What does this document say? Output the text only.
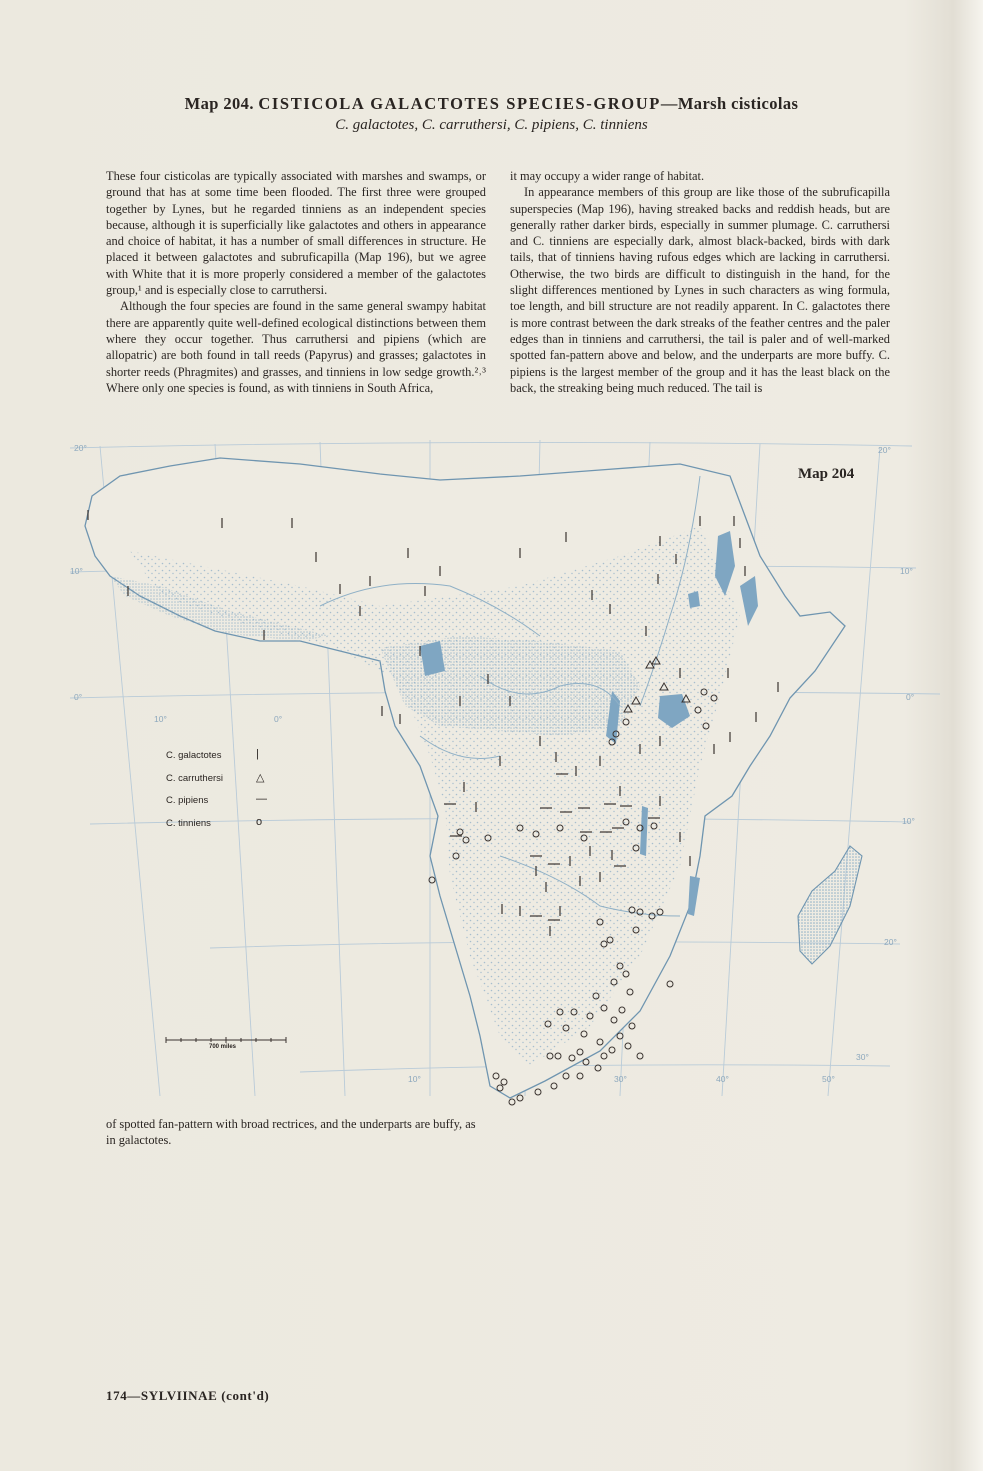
Map 204. CISTICOLA GALACTOTES SPECIES-GROUP—Marsh cisticolas
C. galactotes, C. carruthersi, C. pipiens, C. tinniens

These four cisticolas are typically associated with marshes and swamps, or ground that has at some time been flooded. The first three were grouped together by Lynes, but he regarded tinniens as an independent species because, although it is superficially like galactotes and others in appearance and choice of habitat, it has a number of small differences in structure. He placed it between galactotes and subruficapilla (Map 196), but we agree with White that it is more properly considered a member of the galactotes group,¹ and is especially close to carruthersi.

Although the four species are found in the same general swampy habitat there are apparently quite well-defined ecological distinctions between them where they occur together. Thus carruthersi and pipiens (which are allopatric) are both found in tall reeds (Papyrus) and grasses; galactotes in shorter reeds (Phragmites) and grasses, and tinniens in low sedge growth.²˒³ Where only one species is found, as with tinniens in South Africa,

it may occupy a wider range of habitat.

In appearance members of this group are like those of the subruficapilla superspecies (Map 196), having streaked backs and reddish heads, but are generally rather darker birds, especially in summer plumage. C. carruthersi and C. tinniens are especially dark, almost black-backed, birds with dark tails, that of tinniens having rufous edges which are lacking in carruthersi. Otherwise, the two birds are difficult to distinguish in the hand, for the slight differences mentioned by Lynes in such characters as wing formula, toe length, and bill structure are not readily apparent. In C. galactotes there is more contrast between the dark streaks of the feather centres and the paler edges than in tinniens and carruthersi, the tail is paler and of well-marked spotted fan-pattern above and below, and the underparts are more buffy. C. pipiens is the largest member of the group and it has the least black on the back, the streaking being much reduced. The tail is

20°
10°
0°
10°
0°
10°
20°
30°
20°
10°	0°
10°	30°	40°	50°
Map 204
C. galactotes	|
C. carruthersi	△
C. pipiens	—
C. tinniens	o
700 miles
of spotted fan-pattern with broad rectrices, and the underparts are buffy, as in galactotes.
174—SYLVIINAE (cont'd)
